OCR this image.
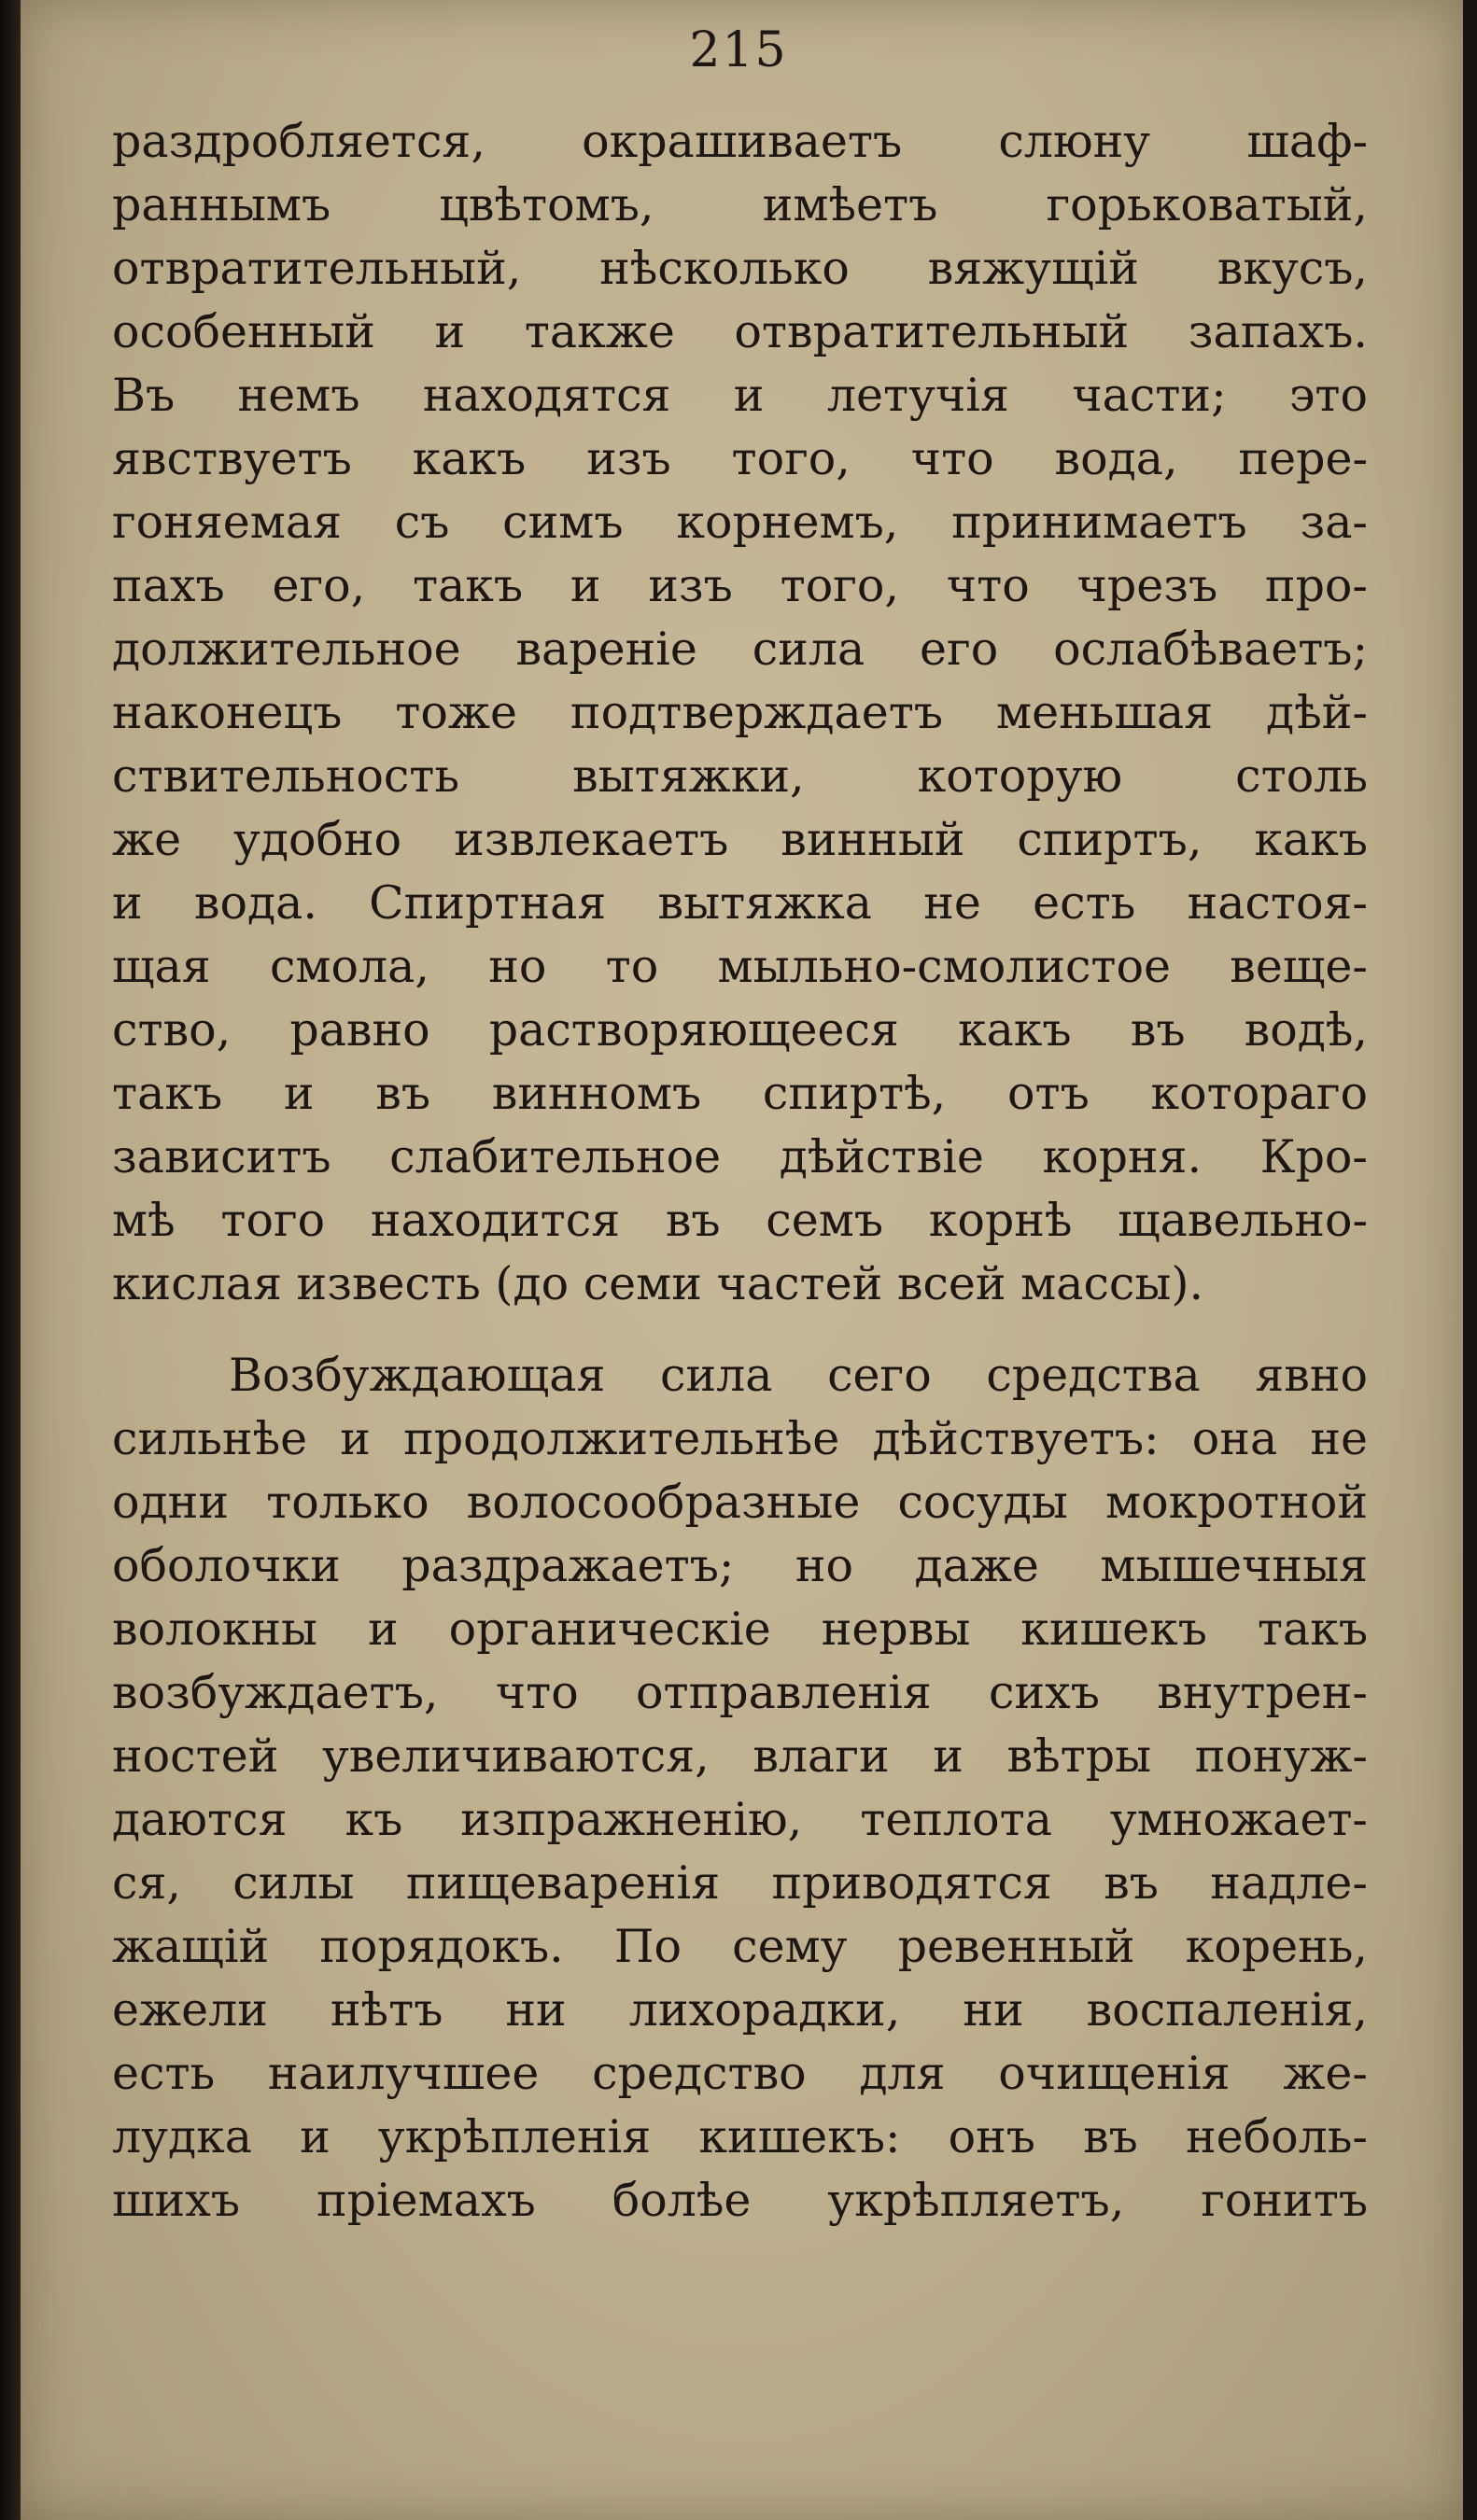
215
раздробляется, окрашиваетъ слюну шаф-
раннымъ цвѣтомъ, имѣетъ горьковатый,
отвратительный, нѣсколько вяжущій вкусъ,
особенный и также отвратительный запахъ.
Въ немъ находятся и летучія части; это
явствуетъ какъ изъ того, что вода, пере-
гоняемая съ симъ корнемъ, принимаетъ за-
пахъ его, такъ и изъ того, что чрезъ про-
должительное вареніе сила его ослабѣваетъ;
наконецъ тоже подтверждаетъ меньшая дѣй-
ствительность вытяжки, которую столь
же удобно извлекаетъ винный спиртъ, какъ
и вода. Спиртная вытяжка не есть настоя-
щая смола, но то мыльно-смолистое веще-
ство, равно растворяющееся какъ въ водѣ,
такъ и въ винномъ спиртѣ, отъ котораго
зависитъ слабительное дѣйствіе корня. Кро-
мѣ того находится въ семъ корнѣ щавельно-
кислая известь (до семи частей всей массы).
Возбуждающая сила сего средства явно
сильнѣе и продолжительнѣе дѣйствуетъ: она не
одни только волосообразные сосуды мокротной
оболочки раздражаетъ; но даже мышечныя
волокны и органическіе нервы кишекъ такъ
возбуждаетъ, что отправленія сихъ внутрен-
ностей увеличиваются, влаги и вѣтры понуж-
даются къ изпражненію, теплота умножает-
ся, силы пищеваренія приводятся въ надле-
жащій порядокъ. По сему ревенный корень,
ежели нѣтъ ни лихорадки, ни воспаленія,
есть наилучшее средство для очищенія же-
лудка и укрѣпленія кишекъ: онъ въ неболь-
шихъ пріемахъ болѣе укрѣпляетъ, гонитъ
